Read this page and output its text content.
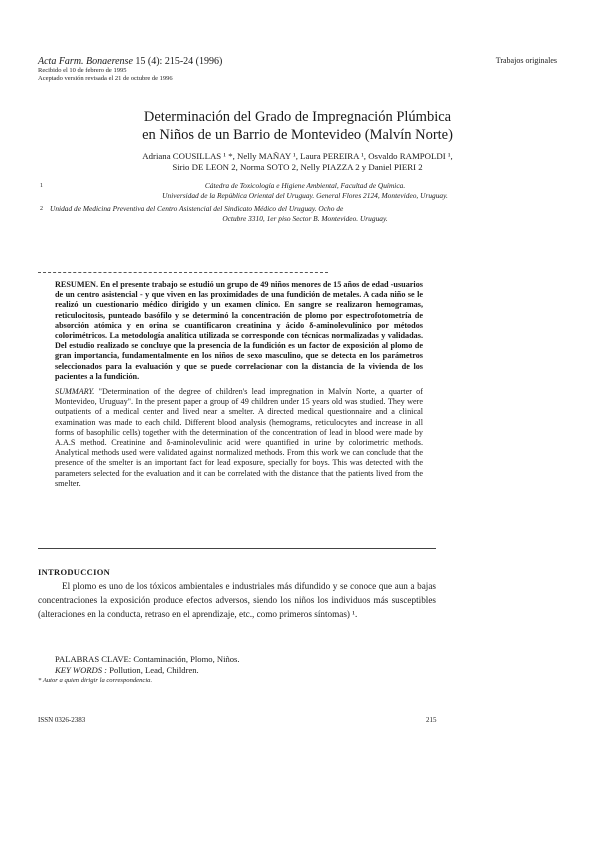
Acta Farm. Bonaerense 15 (4): 215-24 (1996)	Trabajos originales
Recibido el 10 de febrero de 1995
Aceptado versión revisada el 21 de octubre de 1996
Determinación del Grado de Impregnación Plúmbica
en Niños de un Barrio de Montevideo (Malvín Norte)
Adriana COUSILLAS ¹ *, Nelly MAÑAY ¹, Laura PEREIRA ¹, Osvaldo RAMPOLDI ¹,
Sirio DE LEON 2, Norma SOTO 2, Nelly PIAZZA 2 y Daniel PIERI 2
1	Cátedra de Toxicología e Higiene Ambiental, Facultad de Química.
Universidad de la República Oriental del Uruguay. General Flores 2124, Montevideo, Uruguay.
2 Unidad de Medicina Preventiva del Centro Asistencial del Sindicato Médico del Uruguay. Ocho de
Octubre 3310, 1er piso Sector B. Montevideo. Uruguay.
RESUMEN. En el presente trabajo se estudió un grupo de 49 niños menores de 15 años de edad -usuarios de un centro asistencial - y que viven en las proximidades de una fundición de metales. A cada niño se le realizó un cuestionario médico dirigido y un examen clínico. En sangre se realizaron hemogramas, reticulocitosis, punteado basófilo y se determinó la concentración de plomo por espectrofotometría de absorción atómica y en orina se cuantificaron creatinina y ácido δ-aminolevulínico por métodos colorimétricos. La metodología analítica utilizada se corresponde con técnicas normalizadas y validadas. Del estudio realizado se concluye que la presencia de la fundición es un factor de exposición al plomo de gran importancia, fundamentalmente en los niños de sexo masculino, que se detecta en los parámetros seleccionados para la evaluación y que se puede correlacionar con la distancia de la vivienda de los pacientes a la fundición.
SUMMARY. "Determination of the degree of children's lead impregnation in Malvín Norte, a quarter of Montevideo, Uruguay". In the present paper a group of 49 children under 15 years old was studied. They were outpatients of a medical center and lived near a smelter. A directed medical questionnaire and a clinical examination was made to each child. Different blood analysis (hemograms, reticulocytes and increase in all forms of basophilic cells) together with the determination of the concentration of lead in blood were made by A.A.S method. Creatinine and δ-aminolevulinic acid were quantified in urine by colorimetric methods. Analytical methods used were validated against normalized methods. From this work we can conclude that the presence of the smelter is an important fact for lead exposure, specially for boys. This was detected with the parameters selected for the evaluation and it can be correlated with the distance that the patients lived from the smelter.
INTRODUCCION

El plomo es uno de los tóxicos ambientales e industriales más difundido y se conoce que aun a bajas concentraciones la exposición produce efectos adversos, siendo los niños los individuos más susceptibles (alteraciones en la conducta, retraso en el aprendizaje, etc., como primeros síntomas) ¹.

PALABRAS CLAVE: Contaminación, Plomo, Niños.
KEY WORDS : Pollution, Lead, Children.
* Autor a quien dirigir la correspondencia.
ISSN 0326-2383	215
